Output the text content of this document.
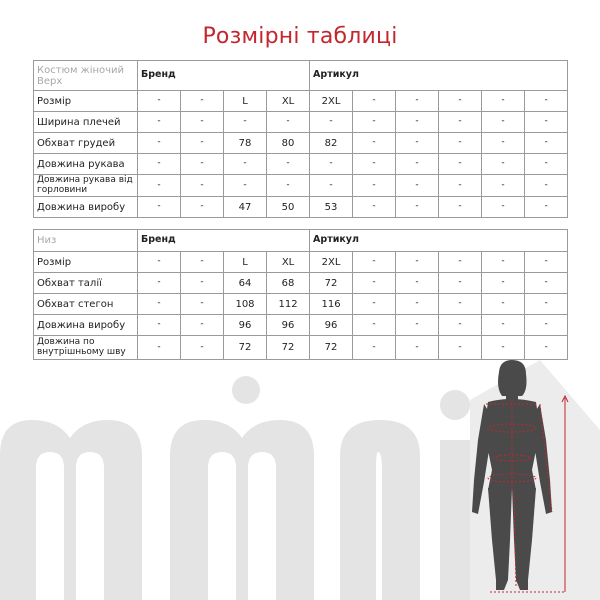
Розмірні таблиці
Костюм жіночий Верх	Бренд				Артикул					
Розмір	-	-	L	XL	2XL	-	-	-	-	-
Ширина плечей	-	-	-	-	-	-	-	-	-	-
Обхват грудей	-	-	78	80	82	-	-	-	-	-
Довжина рукава	-	-	-	-	-	-	-	-	-	-
Довжина рукава від горловини	-	-	-	-	-	-	-	-	-	-
Довжина виробу	-	-	47	50	53	-	-	-	-	-
Низ	Бренд				Артикул					
Розмір	-	-	L	XL	2XL	-	-	-	-	-
Обхват талії	-	-	64	68	72	-	-	-	-	-
Обхват стегон	-	-	108	112	116	-	-	-	-	-
Довжина виробу	-	-	96	96	96	-	-	-	-	-
Довжина по внутрішньому шву	-	-	72	72	72	-	-	-	-	-
